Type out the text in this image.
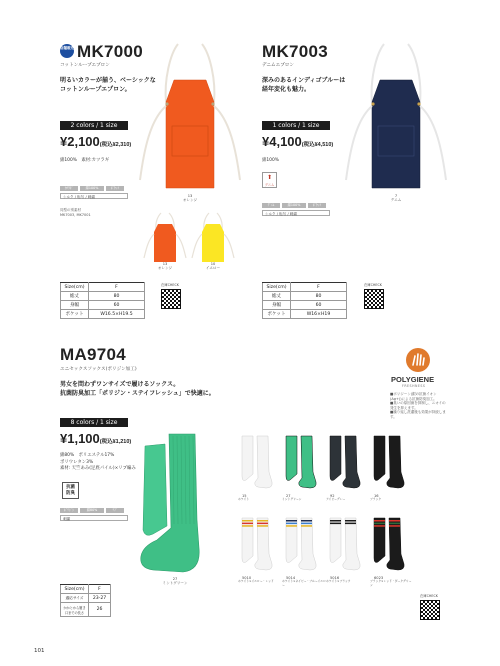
店舗販売 MK7000
コットンループエプロン
明るいカラーが揃う、ベーシックな
コットンループエプロン。
2 colors / 1 size
¥2,100(税込¥2,310)
綿100%　素材:カツラギ
ｶﾂﾗｷﾞ	綿100%	ﾎﾟｹｯﾄ
シルク / 転写 / 刺繍
同型の別素材
MK7003, MK7001
13
オレンジ
13
オレンジ
10
イエロー
Size(cm)	F
総丈	80
身幅	60
ポケット	W16.5×H19.5
在庫CHECK
MK7003
デニムエプロン
深みのあるインディゴブルーは
経年変化も魅力。
1 colors / 1 size
¥4,100(税込¥4,510)
綿100%
⬆
デニム
ﾃﾞﾆﾑ	綿100%	ﾎﾟｹｯﾄ
シルク / 転写 / 刺繍
7
デニム
Size(cm)	F
総丈	80
身幅	60
ポケット	W16×H19
在庫CHECK
MA9704
ユニセックスソックス(ポリジン加工)
男女を問わずワンサイズで履けるソックス。
抗菌防臭加工「ポリジン・ステイフレッシュ」で快適に。
8 colors / 1 size
¥1,100(税込¥1,210)
綿80%　ポリエステル17%
ポリウレタン3%
素材: 天竺あみ(足底パイル)×リブ編み
抗菌
防臭
ﾎﾟﾘｼﾞﾝ	綿80%	ﾘﾌﾞ
刺繍
27
ミントグリーン
15
ホワイト
27
ミントグリーン
92
アイビーグレー
16
ブラック
5010
ホワイト×イエロー・レッド
5014
ホワイト×ネイビー・ブルーイエロー
5016
ホワイト×ブラック
6023
ブラック×レッド・ダークグリーン
POLYGIENE
FRESHNESS
■ポリジーン(銀の抗菌イオン(Ag+))による抗菌防臭加工。
■臭いの原因菌を抑制し、ニオイの発生を抑えます。
■繰り返し洗濯後も効果が持続します。
Size(cm)	F
適応サイズ	23-27
かかとから履き口までの長さ	26
在庫CHECK
101
